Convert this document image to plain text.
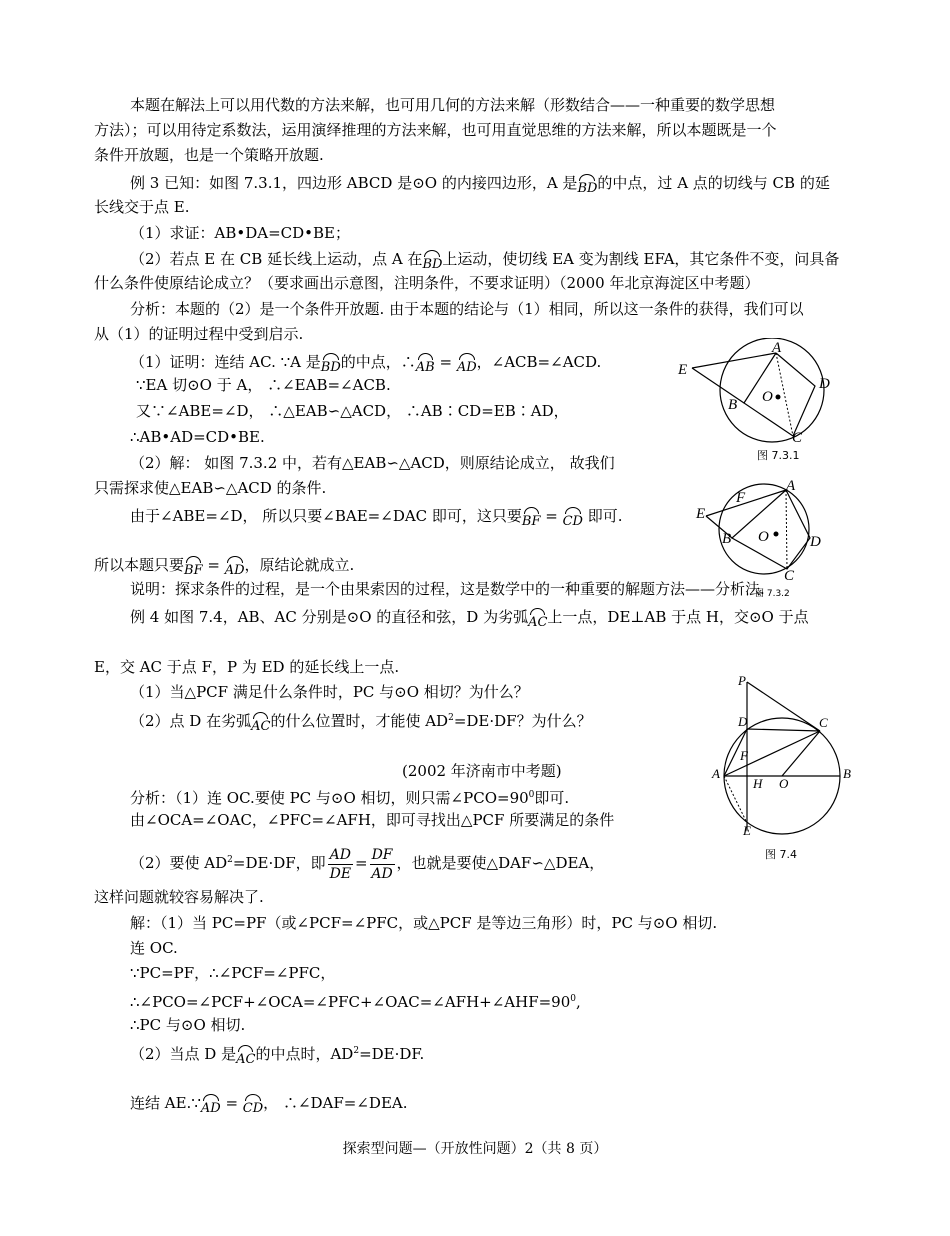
本题在解法上可以用代数的方法来解，也可用几何的方法来解（形数结合——一种重要的数学思想
方法）；可以用待定系数法，运用演绎推理的方法来解，也可用直觉思维的方法来解，所以本题既是一个
条件开放题，也是一个策略开放题.
例 3 已知：如图 7.3.1，四边形 ABCD 是⊙O 的内接四边形，A 是BD的中点，过 A 点的切线与 CB 的延
长线交于点 E.
（1）求证：AB•DA=CD•BE；
（2）若点 E 在 CB 延长线上运动，点 A 在BD上运动，使切线 EA 变为割线 EFA，其它条件不变，问具备
什么条件使原结论成立？（要求画出示意图，注明条件，不要求证明）（2000 年北京海淀区中考题）
分析：本题的（2）是一个条件开放题. 由于本题的结论与（1）相同，所以这一条件的获得，我们可以
从（1）的证明过程中受到启示.
（1）证明：连结 AC. ∵A 是BD的中点，∴AB = AD，∠ACB=∠ACD.
∵EA 切⊙O 于 A， ∴∠EAB=∠ACB.
又∵∠ABE=∠D， ∴△EAB∽△ACD， ∴AB∶CD=EB∶AD，
∴AB•AD=CD•BE.
（2）解： 如图 7.3.2 中，若有△EAB∽△ACD，则原结论成立， 故我们
只需探求使△EAB∽△ACD 的条件.
由于∠ABE=∠D， 所以只要∠BAE=∠DAC 即可，这只要BF = CD 即可.
所以本题只要BF = AD，原结论就成立.
说明：探求条件的过程，是一个由果索因的过程，这是数学中的一种重要的解题方法——分析法.
例 4 如图 7.4，AB、AC 分别是⊙O 的直径和弦，D 为劣弧AC上一点，DE⊥AB 于点 H，交⊙O 于点
E，交 AC 于点 F，P 为 ED 的延长线上一点.
（1）当△PCF 满足什么条件时，PC 与⊙O 相切？为什么？
（2）点 D 在劣弧AC的什么位置时，才能使 $AD^2=DE\cdot DF$？为什么？
(2002 年济南市中考题)
分析：（1）连 OC.要使 PC 与⊙O 相切，则只需$\angle PCO=90^0$即可.
由∠OCA=∠OAC，∠PFC=∠AFH，即可寻找出△PCF 所要满足的条件
（2）要使 $AD^2=DE\cdot DF$，即 $\frac{AD}{DE} = \frac{DF}{AD}$ ，也就是要使△DAF∽△DEA，
这样问题就较容易解决了.
解：（1）当 PC=PF（或∠PCF=∠PFC，或△PCF 是等边三角形）时，PC 与⊙O 相切.
连 OC.
∵PC=PF，∴∠PCF=∠PFC，
$\therefore\angle PCO=\angle PCF+\angle OCA=\angle PFC+\angle OAC=\angle AFH+\angle AHF=90^0$,
∴PC 与⊙O 相切.
（2）当点 D 是AC的中点时，$AD^2=DE\cdot DF$.
连结 AE.∵AD = CD， ∴∠DAF=∠DEA.
A
B
C
D
E
O
图 7.3.1
A
B
C
D
E
F
O
图 7.3.2
P
D	C
F
A
H O
B
E
图 7.4
探索型问题—（开放性问题）2（共 8 页）
